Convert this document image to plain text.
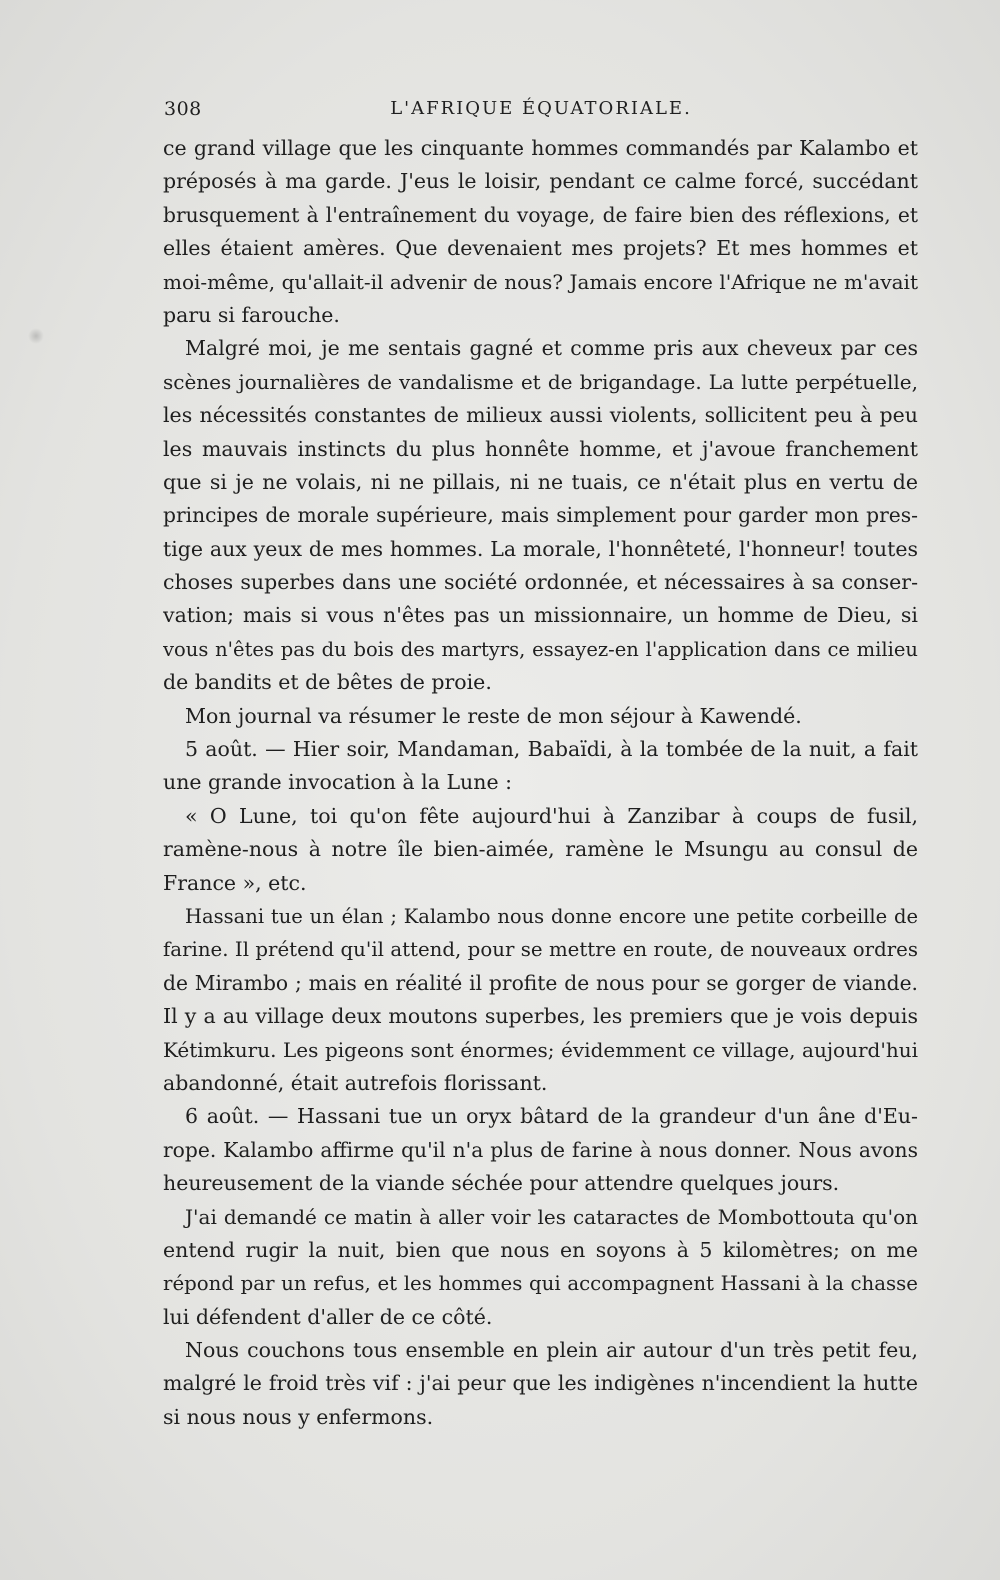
308	L'AFRIQUE ÉQUATORIALE.
ce grand village que les cinquante hommes commandés par Kalambo et
préposés à ma garde. J'eus le loisir, pendant ce calme forcé, succédant
brusquement à l'entraînement du voyage, de faire bien des réflexions, et
elles étaient amères. Que devenaient mes projets? Et mes hommes et
moi-même, qu'allait-il advenir de nous? Jamais encore l'Afrique ne m'avait
paru si farouche.
Malgré moi, je me sentais gagné et comme pris aux cheveux par ces
scènes journalières de vandalisme et de brigandage. La lutte perpétuelle,
les nécessités constantes de milieux aussi violents, sollicitent peu à peu
les mauvais instincts du plus honnête homme, et j'avoue franchement
que si je ne volais, ni ne pillais, ni ne tuais, ce n'était plus en vertu de
principes de morale supérieure, mais simplement pour garder mon pres-
tige aux yeux de mes hommes. La morale, l'honnêteté, l'honneur! toutes
choses superbes dans une société ordonnée, et nécessaires à sa conser-
vation; mais si vous n'êtes pas un missionnaire, un homme de Dieu, si
vous n'êtes pas du bois des martyrs, essayez-en l'application dans ce milieu
de bandits et de bêtes de proie.
Mon journal va résumer le reste de mon séjour à Kawendé.
5 août. — Hier soir, Mandaman, Babaïdi, à la tombée de la nuit, a fait
une grande invocation à la Lune :
« O Lune, toi qu'on fête aujourd'hui à Zanzibar à coups de fusil,
ramène-nous à notre île bien-aimée, ramène le Msungu au consul de
France », etc.
Hassani tue un élan ; Kalambo nous donne encore une petite corbeille de
farine. Il prétend qu'il attend, pour se mettre en route, de nouveaux ordres
de Mirambo ; mais en réalité il profite de nous pour se gorger de viande.
Il y a au village deux moutons superbes, les premiers que je vois depuis
Kétimkuru. Les pigeons sont énormes; évidemment ce village, aujourd'hui
abandonné, était autrefois florissant.
6 août. — Hassani tue un oryx bâtard de la grandeur d'un âne d'Eu-
rope. Kalambo affirme qu'il n'a plus de farine à nous donner. Nous avons
heureusement de la viande séchée pour attendre quelques jours.
J'ai demandé ce matin à aller voir les cataractes de Mombottouta qu'on
entend rugir la nuit, bien que nous en soyons à 5 kilomètres; on me
répond par un refus, et les hommes qui accompagnent Hassani à la chasse
lui défendent d'aller de ce côté.
Nous couchons tous ensemble en plein air autour d'un très petit feu,
malgré le froid très vif : j'ai peur que les indigènes n'incendient la hutte
si nous nous y enfermons.
